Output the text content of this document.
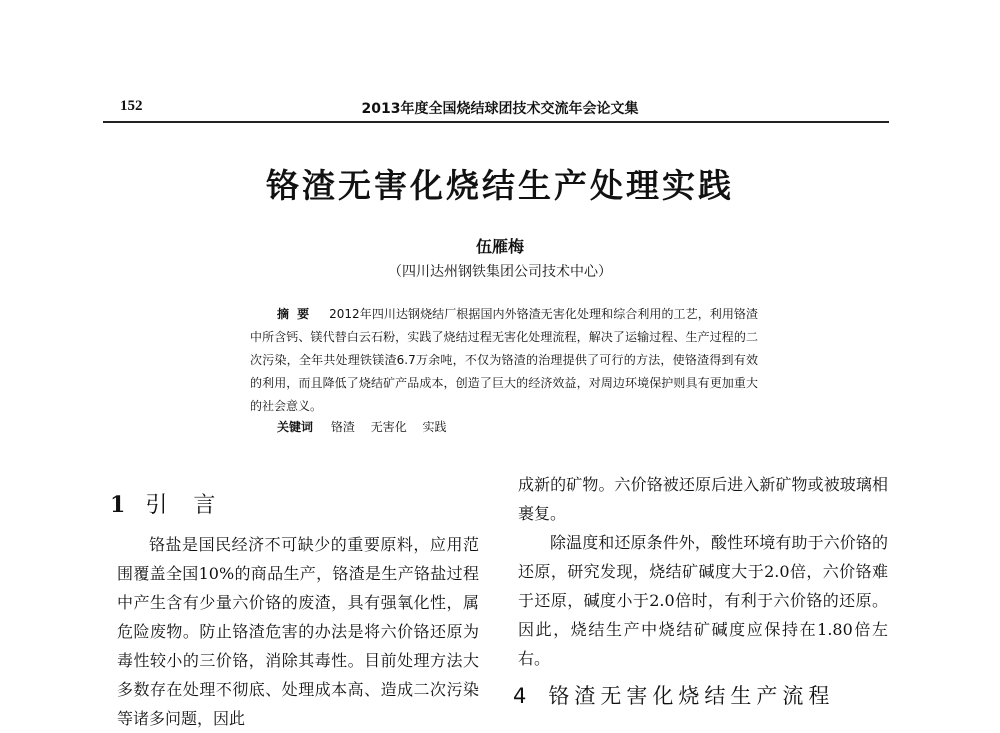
152	2013年度全国烧结球团技术交流年会论文集
铬渣无害化烧结生产处理实践
伍雁梅
（四川达州钢铁集团公司技术中心）
摘要 2012年四川达钢烧结厂根据国内外铬渣无害化处理和综合利用的工艺，利用铬渣中所含钙、镁代替白云石粉，实践了烧结过程无害化处理流程，解决了运输过程、生产过程的二次污染，全年共处理铁镁渣6.7万余吨，不仅为铬渣的治理提供了可行的方法，使铬渣得到有效的利用，而且降低了烧结矿产品成本，创造了巨大的经济效益，对周边环境保护则具有更加重大的社会意义。
关键词 铬渣 无害化 实践
1 引言

铬盐是国民经济不可缺少的重要原料，应用范围覆盖全国10%的商品生产，铬渣是生产铬盐过程中产生含有少量六价铬的废渣，具有强氧化性，属危险废物。防止铬渣危害的办法是将六价铬还原为毒性较小的三价铬，消除其毒性。目前处理方法大多数存在处理不彻底、处理成本高、造成二次污染等诸多问题，因此

成新的矿物。六价铬被还原后进入新矿物或被玻璃相裹复。

除温度和还原条件外，酸性环境有助于六价铬的还原，研究发现，烧结矿碱度大于2.0倍，六价铬难于还原，碱度小于2.0倍时，有利于六价铬的还原。因此，烧结生产中烧结矿碱度应保持在1.80倍左右。

4 铬渣无害化烧结生产流程
